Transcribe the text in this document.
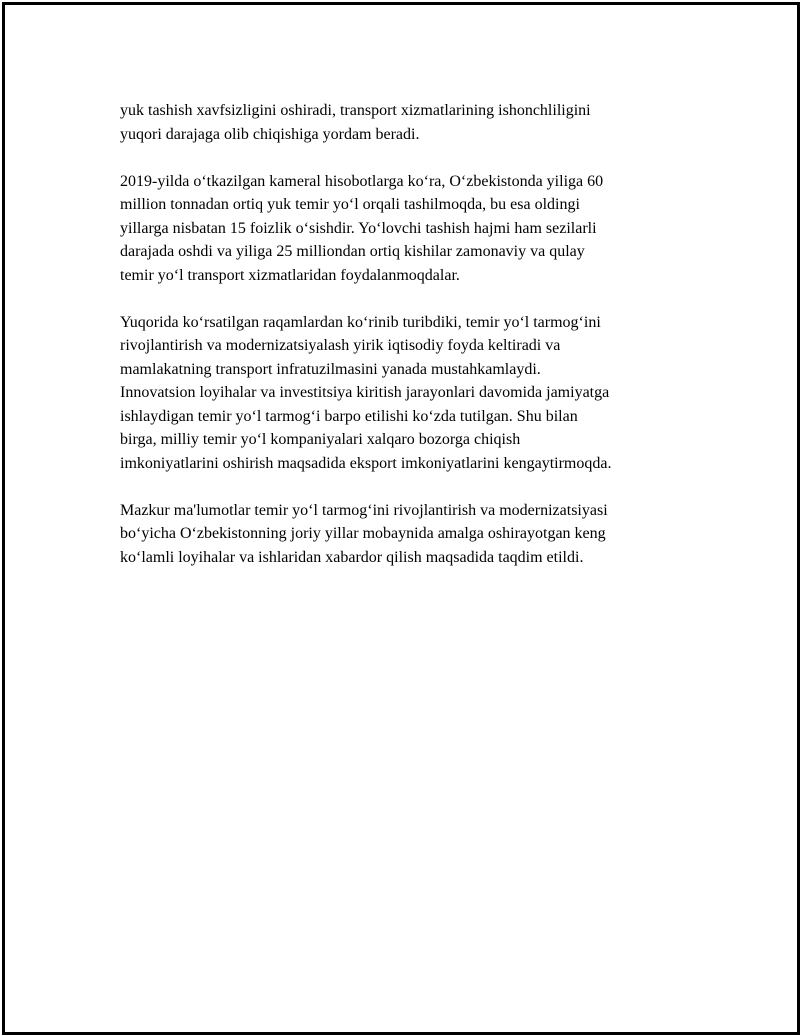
yuk tashish xavfsizligini oshiradi, transport xizmatlarining ishonchliligini
yuqori darajaga olib chiqishiga yordam beradi.

2019-yilda oʻtkazilgan kameral hisobotlarga koʻra, Oʻzbekistonda yiliga 60
million tonnadan ortiq yuk temir yoʻl orqali tashilmoqda, bu esa oldingi
yillarga nisbatan 15 foizlik oʻsishdir. Yoʻlovchi tashish hajmi ham sezilarli
darajada oshdi va yiliga 25 milliondan ortiq kishilar zamonaviy va qulay
temir yoʻl transport xizmatlaridan foydalanmoqdalar.

Yuqorida koʻrsatilgan raqamlardan koʻrinib turibdiki, temir yoʻl tarmogʻini
rivojlantirish va modernizatsiyalash yirik iqtisodiy foyda keltiradi va
mamlakatning transport infratuzilmasini yanada mustahkamlaydi.
Innovatsion loyihalar va investitsiya kiritish jarayonlari davomida jamiyatga
ishlaydigan temir yoʻl tarmogʻi barpo etilishi koʻzda tutilgan. Shu bilan
birga, milliy temir yoʻl kompaniyalari xalqaro bozorga chiqish
imkoniyatlarini oshirish maqsadida eksport imkoniyatlarini kengaytirmoqda.

Mazkur ma'lumotlar temir yoʻl tarmogʻini rivojlantirish va modernizatsiyasi
boʻyicha Oʻzbekistonning joriy yillar mobaynida amalga oshirayotgan keng
koʻlamli loyihalar va ishlaridan xabardor qilish maqsadida taqdim etildi.
